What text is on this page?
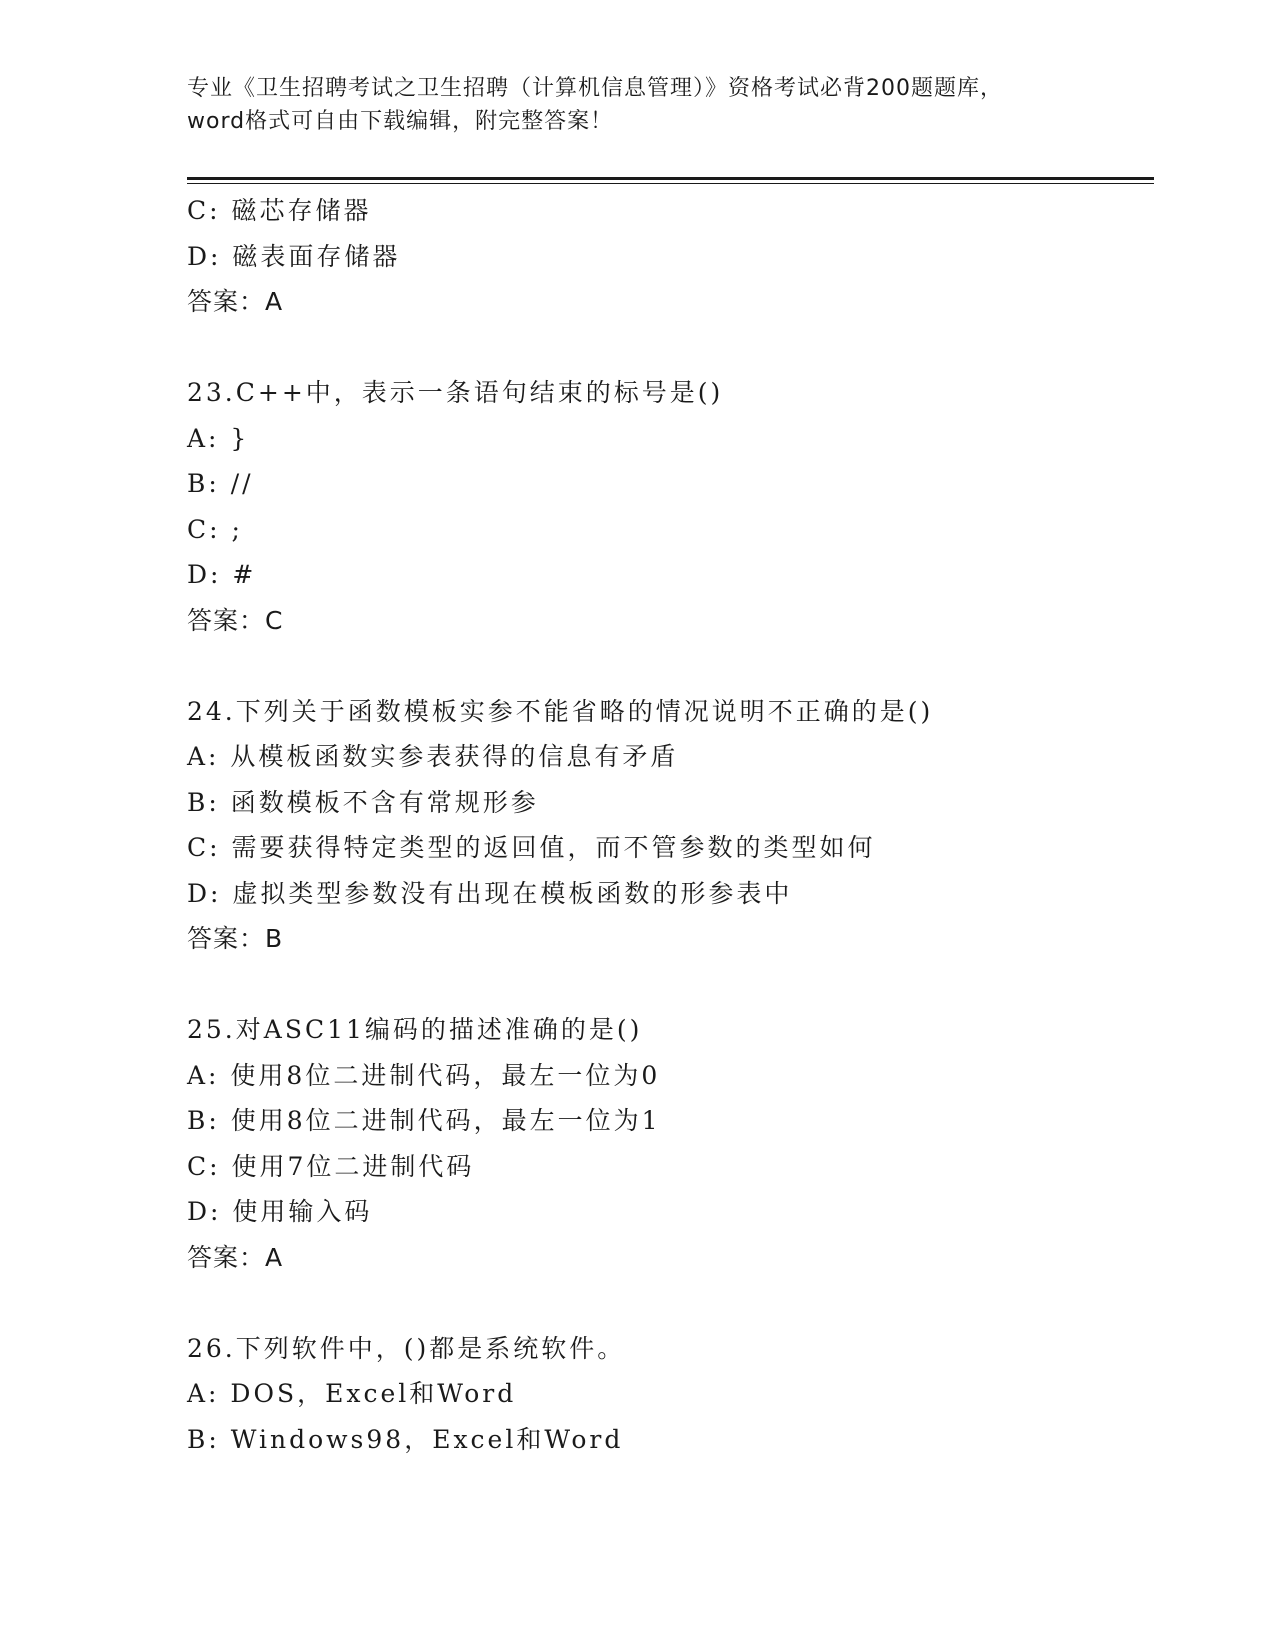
专业《卫生招聘考试之卫生招聘（计算机信息管理）》资格考试必背200题题库，
word格式可自由下载编辑，附完整答案！
C: 磁芯存储器
D: 磁表面存储器
答案：A
23.C++中，表示一条语句结束的标号是()
A: }
B: //
C: ;
D: #
答案：C
24.下列关于函数模板实参不能省略的情况说明不正确的是()
A: 从模板函数实参表获得的信息有矛盾
B: 函数模板不含有常规形参
C: 需要获得特定类型的返回值，而不管参数的类型如何
D: 虚拟类型参数没有出现在模板函数的形参表中
答案：B
25.对ASC11编码的描述准确的是()
A: 使用8位二进制代码，最左一位为0
B: 使用8位二进制代码，最左一位为1
C: 使用7位二进制代码
D: 使用输入码
答案：A
26.下列软件中，()都是系统软件。
A: DOS，Excel和Word
B: Windows98，Excel和Word
